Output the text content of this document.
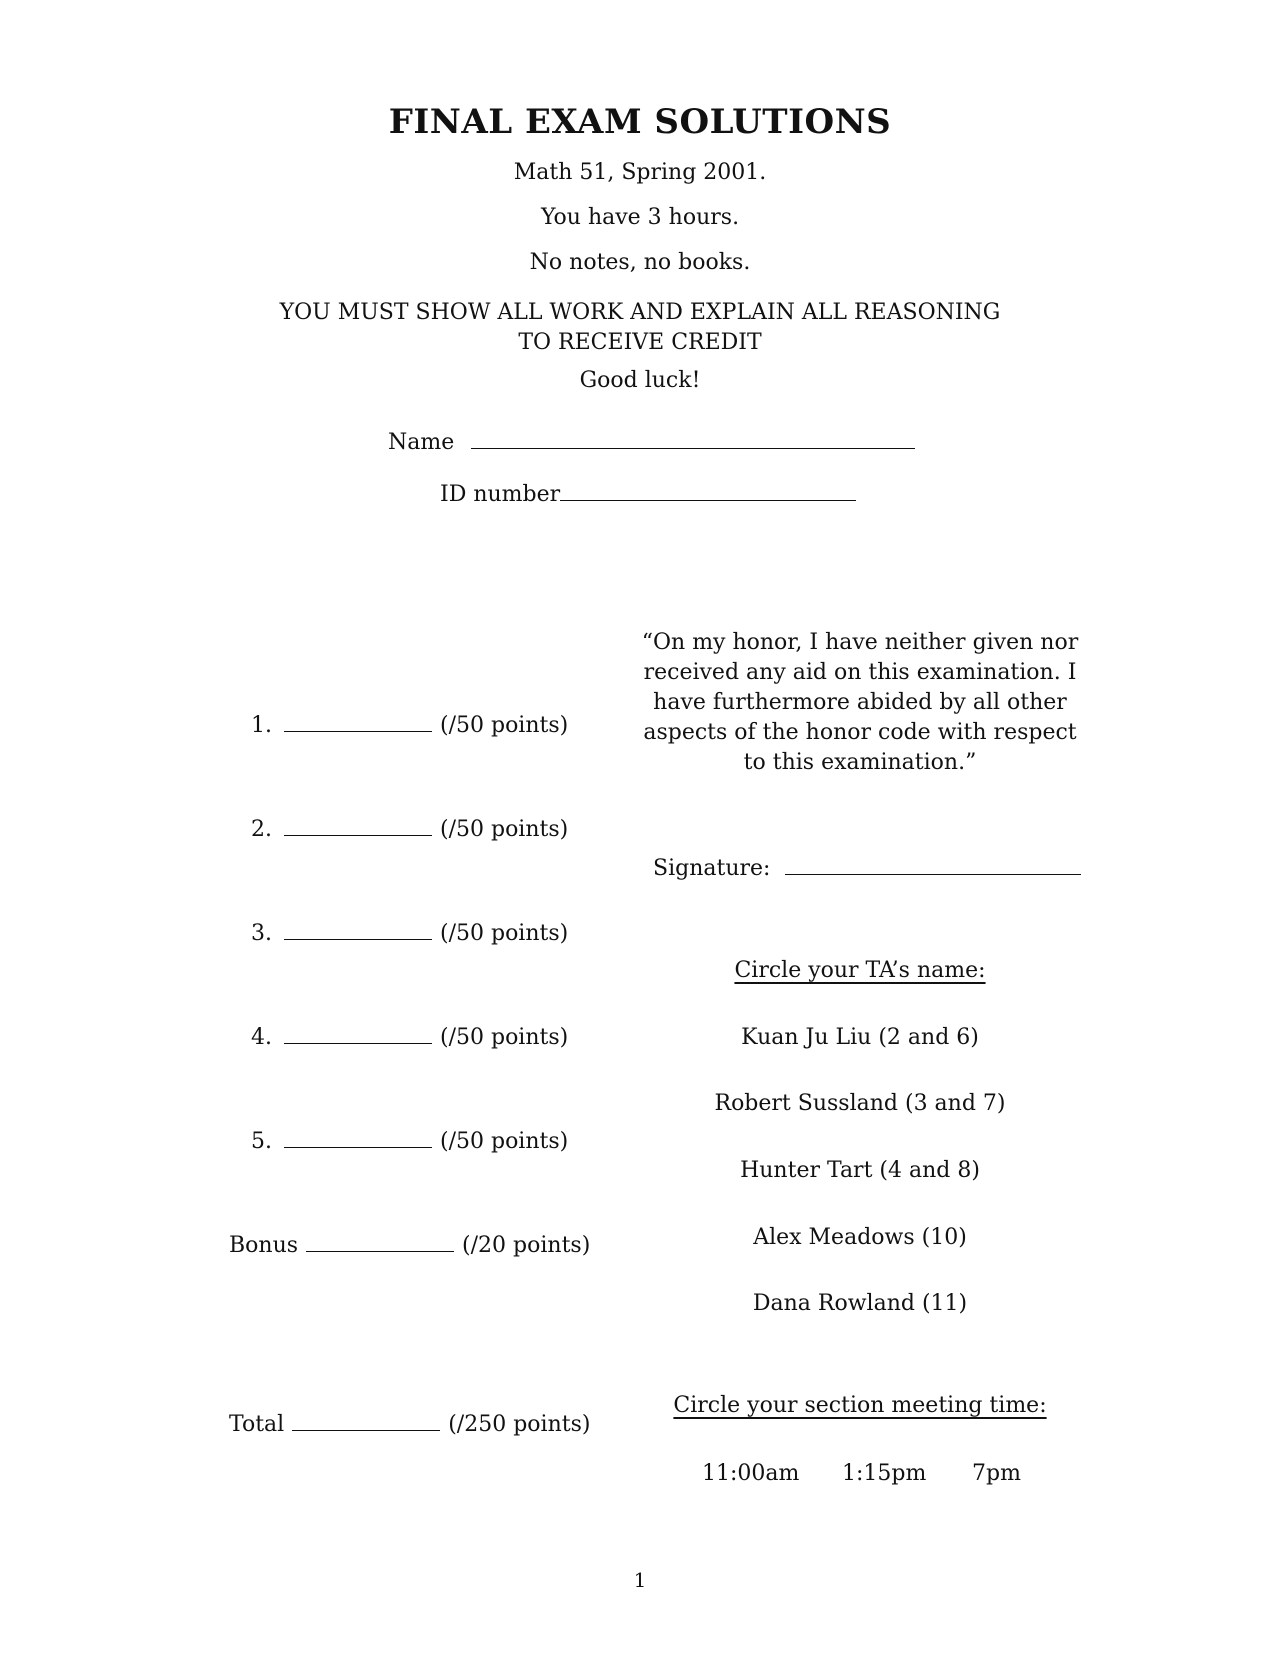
FINAL EXAM SOLUTIONS
Math 51, Spring 2001.
You have 3 hours.
No notes, no books.
YOU MUST SHOW ALL WORK AND EXPLAIN ALL REASONING
TO RECEIVE CREDIT
Good luck!
Name
ID number
1.	(/50 points)
2.	(/50 points)
3.	(/50 points)
4.	(/50 points)
5.	(/50 points)
Bonus	(/20 points)
Total	(/250 points)
“On my honor, I have neither given nor received any aid on this examination. I have furthermore abided by all other aspects of the honor code with respect to this examination.”
Signature:
Circle your TA’s name:
Kuan Ju Liu (2 and 6)
Robert Sussland (3 and 7)
Hunter Tart (4 and 8)
Alex Meadows (10)
Dana Rowland (11)
Circle your section meeting time:
11:00am 1:15pm 7pm
1
